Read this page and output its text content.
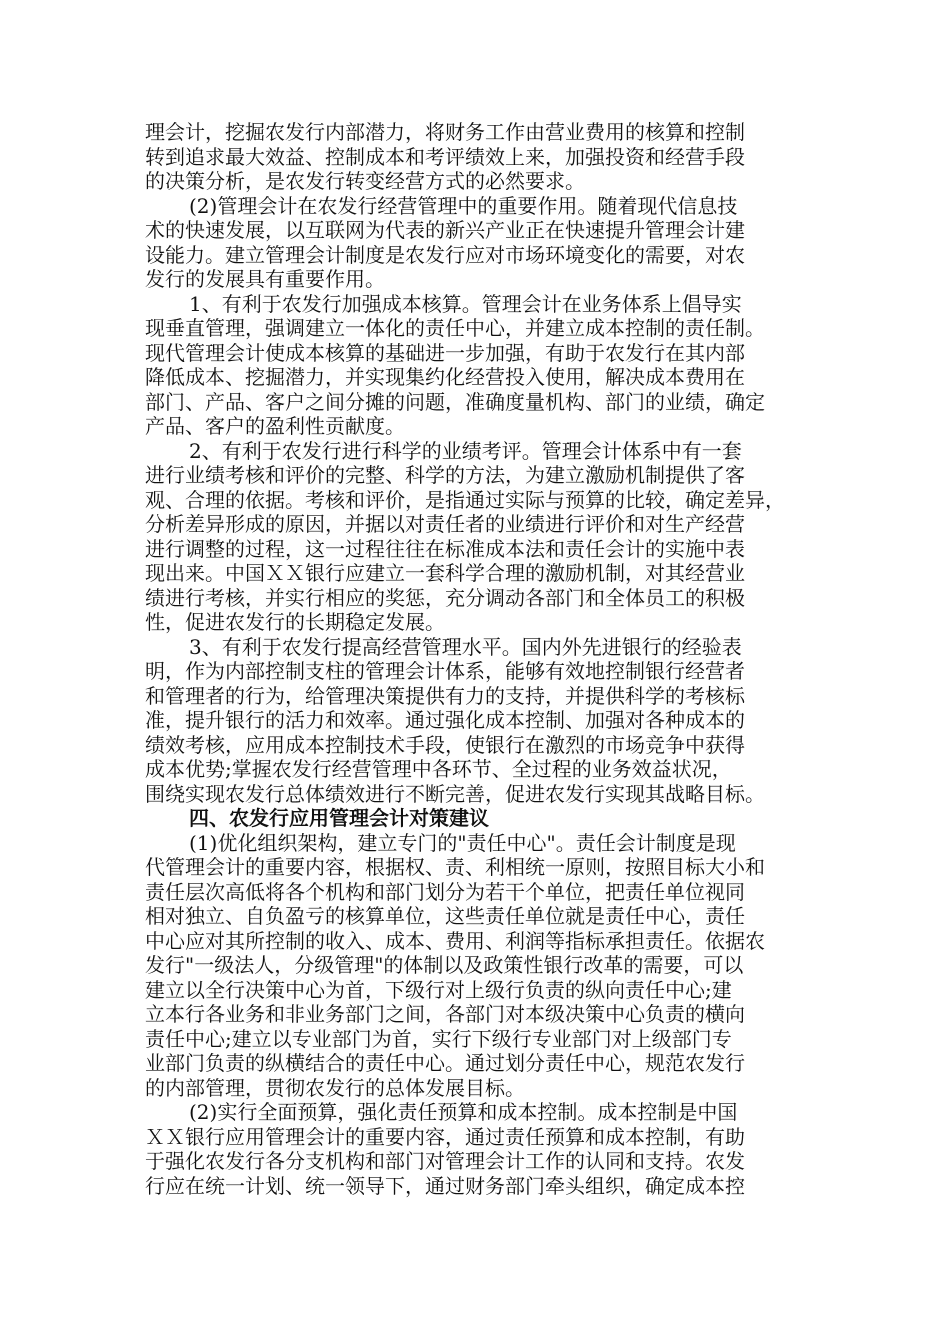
理会计，挖掘农发行内部潜力，将财务工作由营业费用的核算和控制
转到追求最大效益、控制成本和考评绩效上来，加强投资和经营手段
的决策分析，是农发行转变经营方式的必然要求。
(2)管理会计在农发行经营管理中的重要作用。随着现代信息技
术的快速发展，以互联网为代表的新兴产业正在快速提升管理会计建
设能力。建立管理会计制度是农发行应对市场环境变化的需要，对农
发行的发展具有重要作用。
1、有利于农发行加强成本核算。管理会计在业务体系上倡导实
现垂直管理，强调建立一体化的责任中心，并建立成本控制的责任制。
现代管理会计使成本核算的基础进一步加强，有助于农发行在其内部
降低成本、挖掘潜力，并实现集约化经营投入使用，解决成本费用在
部门、产品、客户之间分摊的问题，准确度量机构、部门的业绩，确定
产品、客户的盈利性贡献度。
2、有利于农发行进行科学的业绩考评。管理会计体系中有一套
进行业绩考核和评价的完整、科学的方法，为建立激励机制提供了客
观、合理的依据。考核和评价，是指通过实际与预算的比较，确定差异，
分析差异形成的原因，并据以对责任者的业绩进行评价和对生产经营
进行调整的过程，这一过程往往在标准成本法和责任会计的实施中表
现出来。中国ＸＸ银行应建立一套科学合理的激励机制，对其经营业
绩进行考核，并实行相应的奖惩，充分调动各部门和全体员工的积极
性，促进农发行的长期稳定发展。
3、有利于农发行提高经营管理水平。国内外先进银行的经验表
明，作为内部控制支柱的管理会计体系，能够有效地控制银行经营者
和管理者的行为，给管理决策提供有力的支持，并提供科学的考核标
准，提升银行的活力和效率。通过强化成本控制、加强对各种成本的
绩效考核，应用成本控制技术手段，使银行在激烈的市场竞争中获得
成本优势;掌握农发行经营管理中各环节、全过程的业务效益状况，
围绕实现农发行总体绩效进行不断完善，促进农发行实现其战略目标。
四、农发行应用管理会计对策建议
(1)优化组织架构，建立专门的"责任中心"。责任会计制度是现
代管理会计的重要内容，根据权、责、利相统一原则，按照目标大小和
责任层次高低将各个机构和部门划分为若干个单位，把责任单位视同
相对独立、自负盈亏的核算单位，这些责任单位就是责任中心，责任
中心应对其所控制的收入、成本、费用、利润等指标承担责任。依据农
发行"一级法人，分级管理"的体制以及政策性银行改革的需要，可以
建立以全行决策中心为首，下级行对上级行负责的纵向责任中心;建
立本行各业务和非业务部门之间，各部门对本级决策中心负责的横向
责任中心;建立以专业部门为首，实行下级行专业部门对上级部门专
业部门负责的纵横结合的责任中心。通过划分责任中心，规范农发行
的内部管理，贯彻农发行的总体发展目标。
(2)实行全面预算，强化责任预算和成本控制。成本控制是中国
ＸＸ银行应用管理会计的重要内容，通过责任预算和成本控制，有助
于强化农发行各分支机构和部门对管理会计工作的认同和支持。农发
行应在统一计划、统一领导下，通过财务部门牵头组织，确定成本控
